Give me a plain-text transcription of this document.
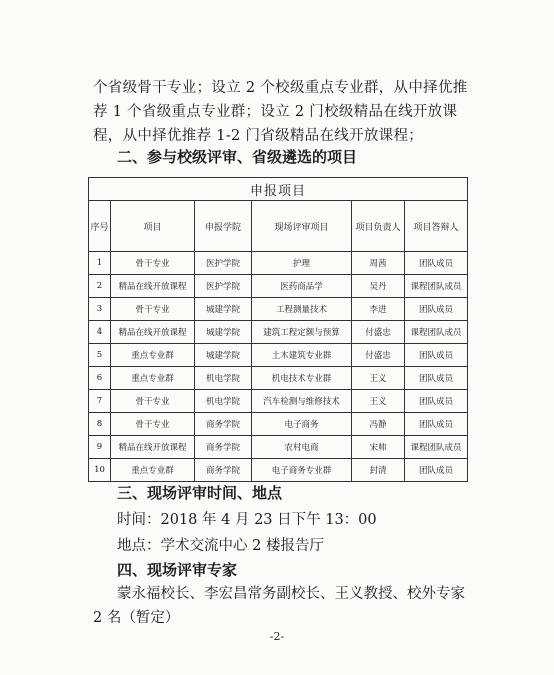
个省级骨干专业；设立 2 个校级重点专业群，从中择优推荐 1 个省级重点专业群；设立 2 门校级精品在线开放课程，从中择优推荐 1-2 门省级精品在线开放课程；

二、参与校级评审、省级遴选的项目
申报项目					
序号	项目	申报学院	现场评审项目	项目负责人	项目答辩人
1	骨干专业	医护学院	护理	周茜	团队成员
2	精品在线开放课程	医护学院	医药商品学	吴丹	课程团队成员
3	骨干专业	城建学院	工程测量技术	李进	团队成员
4	精品在线开放课程	城建学院	建筑工程定额与预算	付盛忠	课程团队成员
5	重点专业群	城建学院	土木建筑专业群	付盛忠	团队成员
6	重点专业群	机电学院	机电技术专业群	王义	团队成员
7	骨干专业	机电学院	汽车检测与维修技术	王义	团队成员
8	骨干专业	商务学院	电子商务	冯静	团队成员
9	精品在线开放课程	商务学院	农村电商	宋帅	课程团队成员
10	重点专业群	商务学院	电子商务专业群	封清	团队成员
三、现场评审时间、地点

时间：2018 年 4 月 23 日下午 13：00

地点：学术交流中心 2 楼报告厅

四、现场评审专家

蒙永福校长、李宏昌常务副校长、王义教授、校外专家 2 名（暂定）

-2-
